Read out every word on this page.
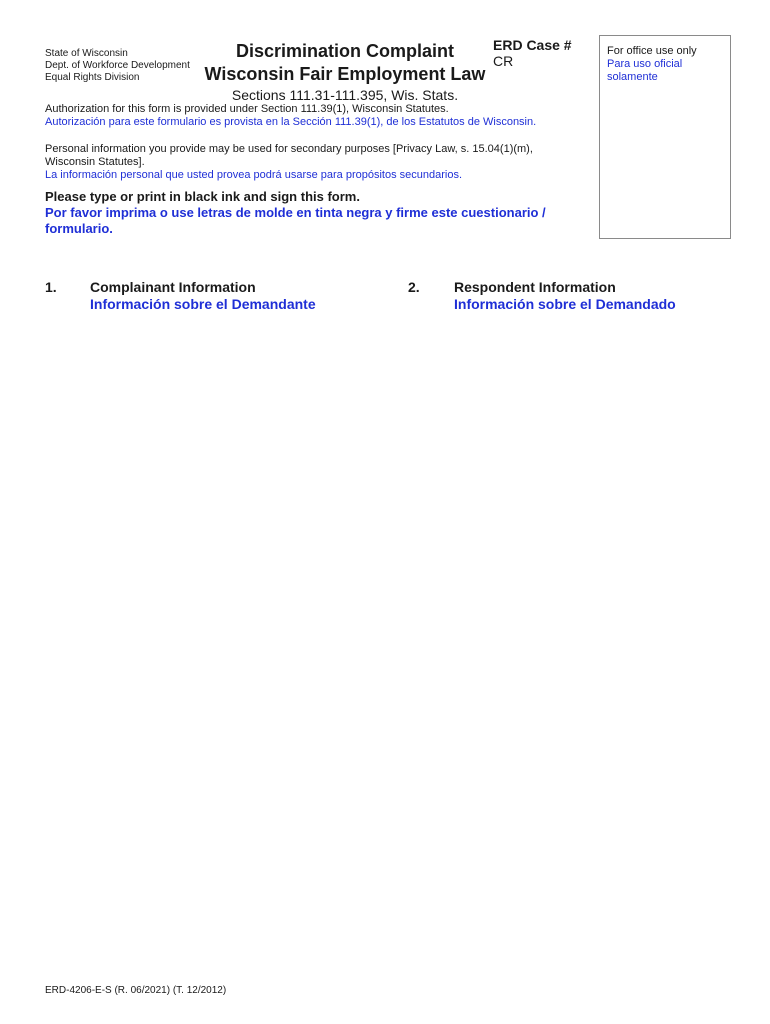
State of Wisconsin
Dept. of Workforce Development
Equal Rights Division
Discrimination Complaint
Wisconsin Fair Employment Law
Sections 111.31-111.395, Wis. Stats.
ERD Case #
CR
For office use only
Para uso oficial solamente
Authorization for this form is provided under Section 111.39(1), Wisconsin Statutes.
Autorización para este formulario es provista en la Sección 111.39(1), de los Estatutos de Wisconsin.
Personal information you provide may be used for secondary purposes [Privacy Law, s. 15.04(1)(m), Wisconsin Statutes].
La información personal que usted provea podrá usarse para propósitos secundarios.
Please type or print in black ink and sign this form.
Por favor imprima o use letras de molde en tinta negra y firme este cuestionario / formulario.
1. Complainant Information
Información sobre el Demandante
2. Respondent Information
Información sobre el Demandado
ERD-4206-E-S (R. 06/2021) (T. 12/2012)
